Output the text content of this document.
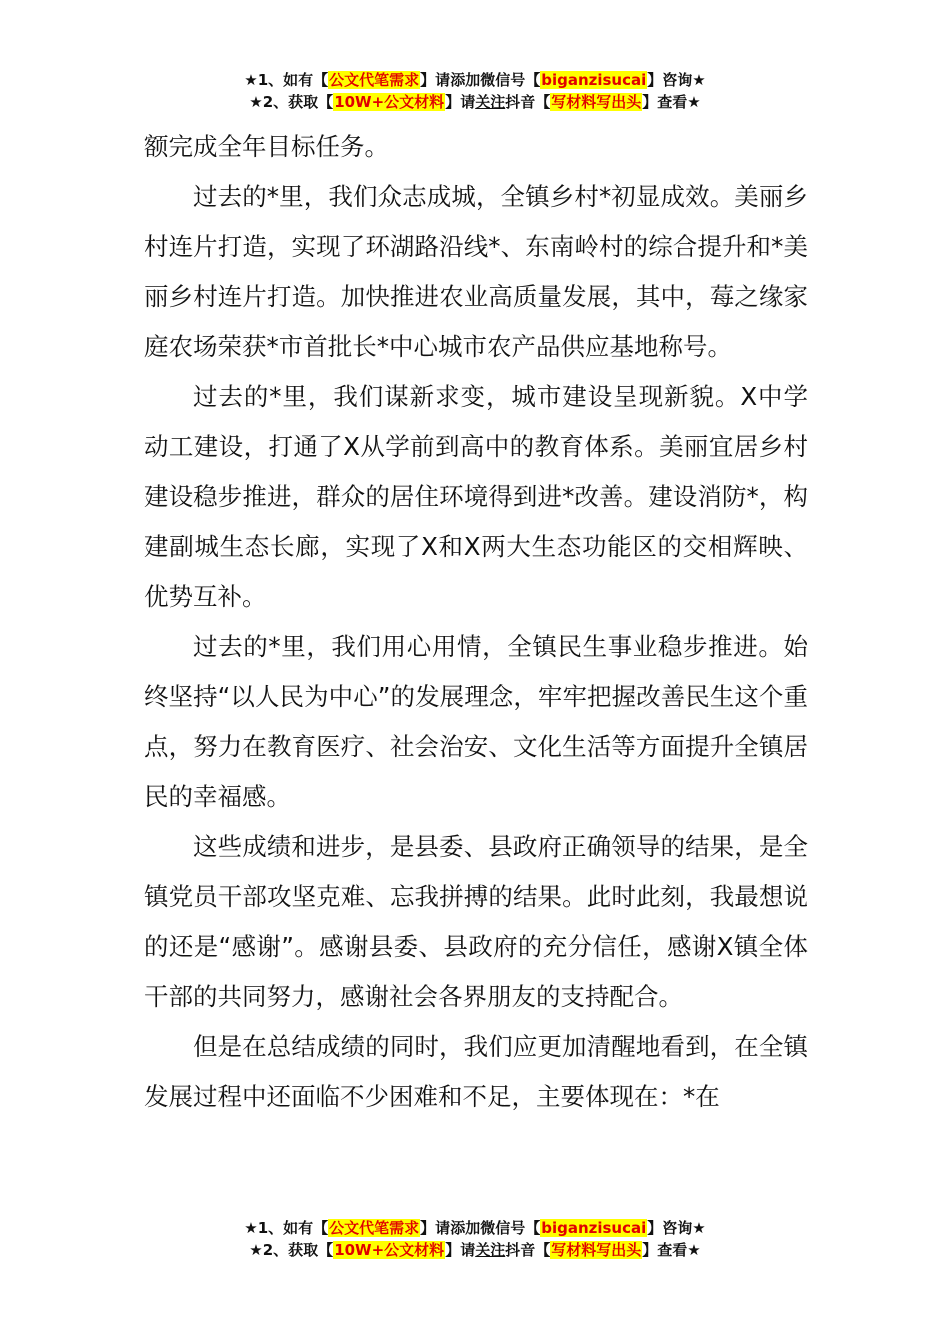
★1、如有【公文代笔需求】请添加微信号【biganzisucai】咨询★
★2、获取【10W+公文材料】请关注抖音【写材料写出头】查看★

额完成全年目标任务。

过去的*里，我们众志成城，全镇乡村*初显成效。美丽乡村连片打造，实现了环湖路沿线*、东南岭村的综合提升和*美丽乡村连片打造。加快推进农业高质量发展，其中，莓之缘家庭农场荣获*市首批长*中心城市农产品供应基地称号。

过去的*里，我们谋新求变，城市建设呈现新貌。X中学动工建设，打通了X从学前到高中的教育体系。美丽宜居乡村建设稳步推进，群众的居住环境得到进*改善。建设消防*，构建副城生态长廊，实现了X和X两大生态功能区的交相辉映、优势互补。

过去的*里，我们用心用情，全镇民生事业稳步推进。始终坚持“以人民为中心”的发展理念，牢牢把握改善民生这个重点，努力在教育医疗、社会治安、文化生活等方面提升全镇居民的幸福感。

这些成绩和进步，是县委、县政府正确领导的结果，是全镇党员干部攻坚克难、忘我拼搏的结果。此时此刻，我最想说的还是“感谢”。感谢县委、县政府的充分信任，感谢X镇全体干部的共同努力，感谢社会各界朋友的支持配合。

但是在总结成绩的同时，我们应更加清醒地看到，在全镇发展过程中还面临不少困难和不足，主要体现在：*在

★1、如有【公文代笔需求】请添加微信号【biganzisucai】咨询★
★2、获取【10W+公文材料】请关注抖音【写材料写出头】查看★
